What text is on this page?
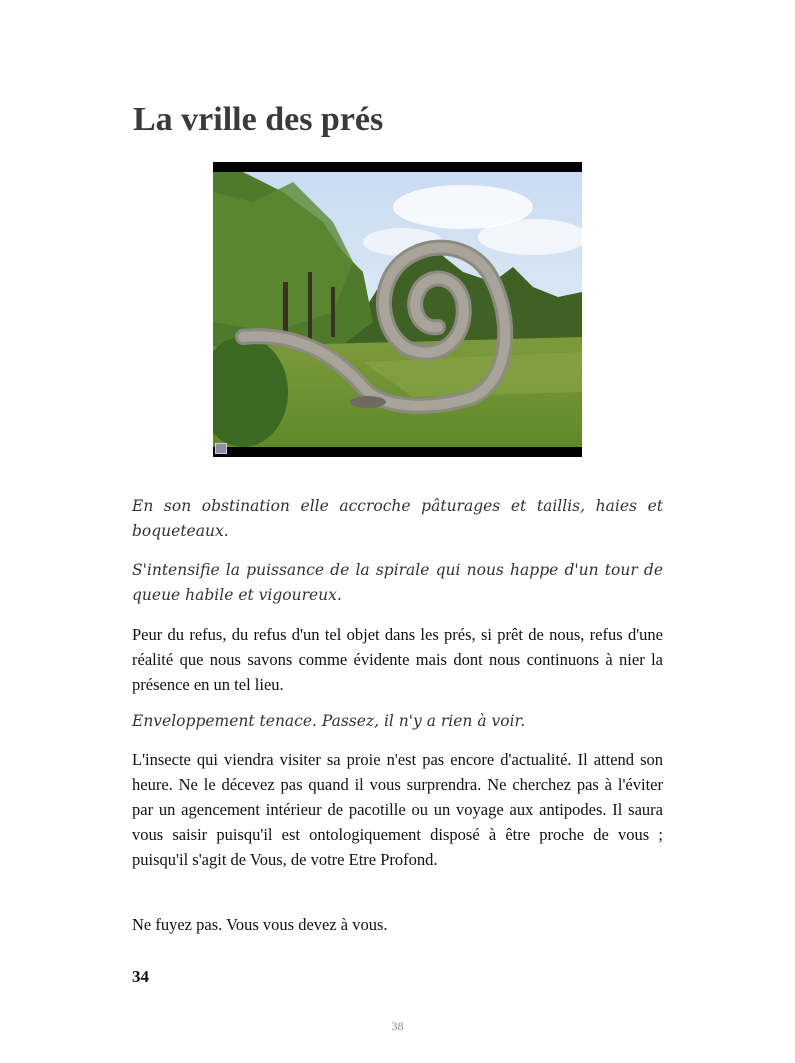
La vrille des prés

En son obstination elle accroche pâturages et taillis, haies et boqueteaux.

S'intensifie la puissance de la spirale qui nous happe d'un tour de queue habile et vigoureux.

Peur du refus, du refus d'un tel objet dans les prés, si prêt de nous, refus d'une réalité que nous savons comme évidente mais dont nous continuons à nier la présence en un tel lieu.

Enveloppement tenace. Passez, il n'y a rien à voir.

L'insecte qui viendra visiter sa proie n'est pas encore d'actualité. Il attend son heure. Ne le décevez pas quand il vous surprendra. Ne cherchez pas à l'éviter par un agencement intérieur de pacotille ou un voyage aux antipodes. Il saura vous saisir puisqu'il est ontologiquement disposé à être proche de vous ; puisqu'il s'agit de Vous, de votre Etre Profond.

Ne fuyez pas. Vous vous devez à vous.

34
38
